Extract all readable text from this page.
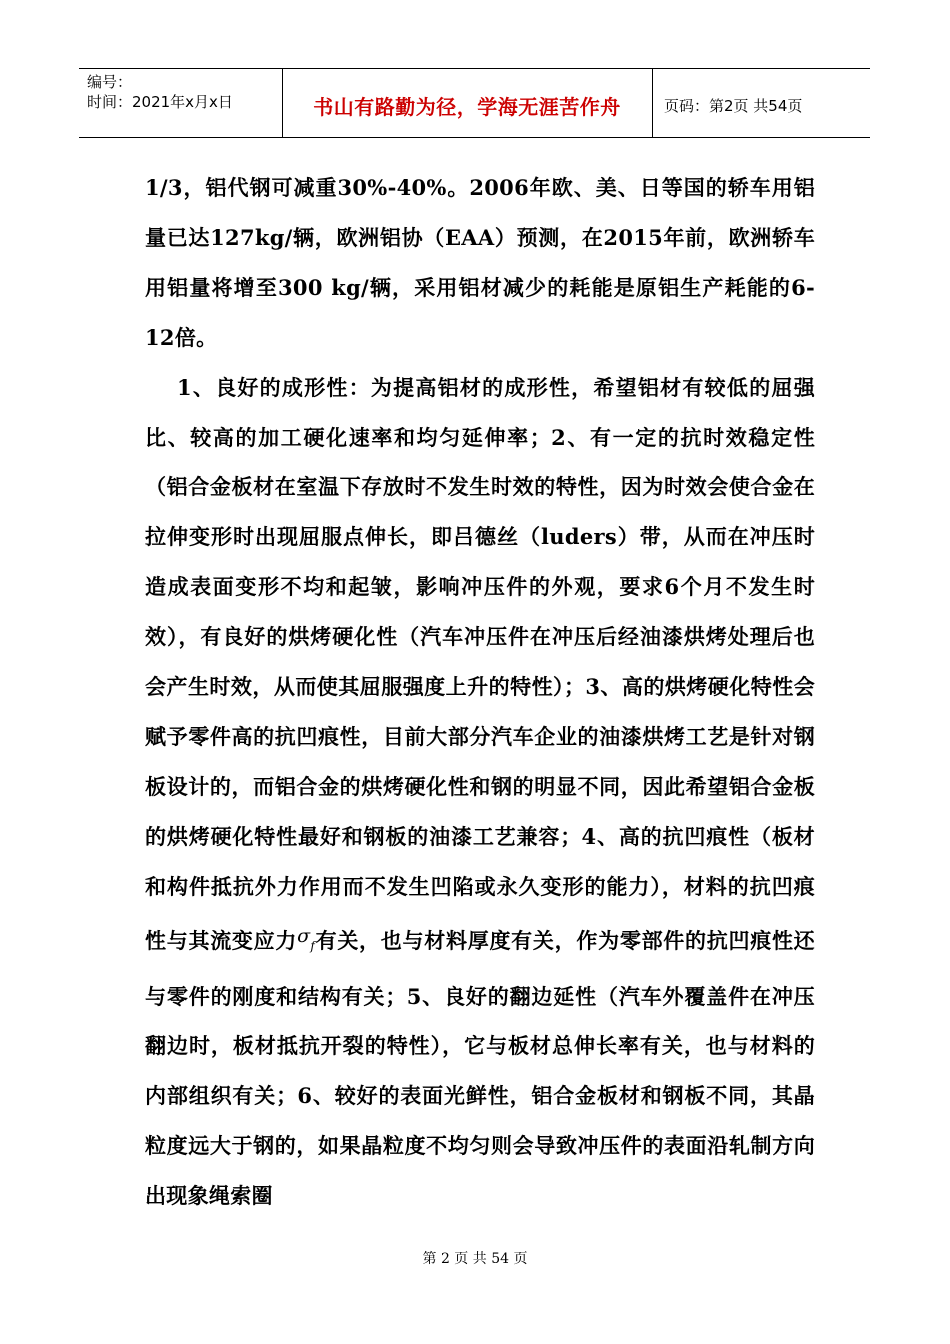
编号：
时间：2021年x月x日	书山有路勤为径，学海无涯苦作舟	页码：第2页 共54页

1/3，铝代钢可减重30%-40%。2006年欧、美、日等国的轿车用铝量已达127kg/辆，欧洲铝协（EAA）预测，在2015年前，欧洲轿车用铝量将增至300 kg/辆，采用铝材减少的耗能是原铝生产耗能的6-12倍。

1、良好的成形性：为提高铝材的成形性，希望铝材有较低的屈强比、较高的加工硬化速率和均匀延伸率；2、有一定的抗时效稳定性（铝合金板材在室温下存放时不发生时效的特性，因为时效会使合金在拉伸变形时出现屈服点伸长，即吕德丝（luders）带，从而在冲压时造成表面变形不均和起皱，影响冲压件的外观，要求6个月不发生时效），有良好的烘烤硬化性（汽车冲压件在冲压后经油漆烘烤处理后也会产生时效，从而使其屈服强度上升的特性）；3、高的烘烤硬化特性会赋予零件高的抗凹痕性，目前大部分汽车企业的油漆烘烤工艺是针对钢板设计的，而铝合金的烘烤硬化性和钢的明显不同，因此希望铝合金板的烘烤硬化特性最好和钢板的油漆工艺兼容；4、高的抗凹痕性（板材和构件抵抗外力作用而不发生凹陷或永久变形的能力），材料的抗凹痕性与其流变应力σf有关，也与材料厚度有关，作为零部件的抗凹痕性还与零件的刚度和结构有关；5、良好的翻边延性（汽车外覆盖件在冲压翻边时，板材抵抗开裂的特性），它与板材总伸长率有关，也与材料的内部组织有关；6、较好的表面光鲜性，铝合金板材和钢板不同，其晶粒度远大于钢的，如果晶粒度不均匀则会导致冲压件的表面沿轧制方向出现象绳索圈

第 2 页 共 54 页
